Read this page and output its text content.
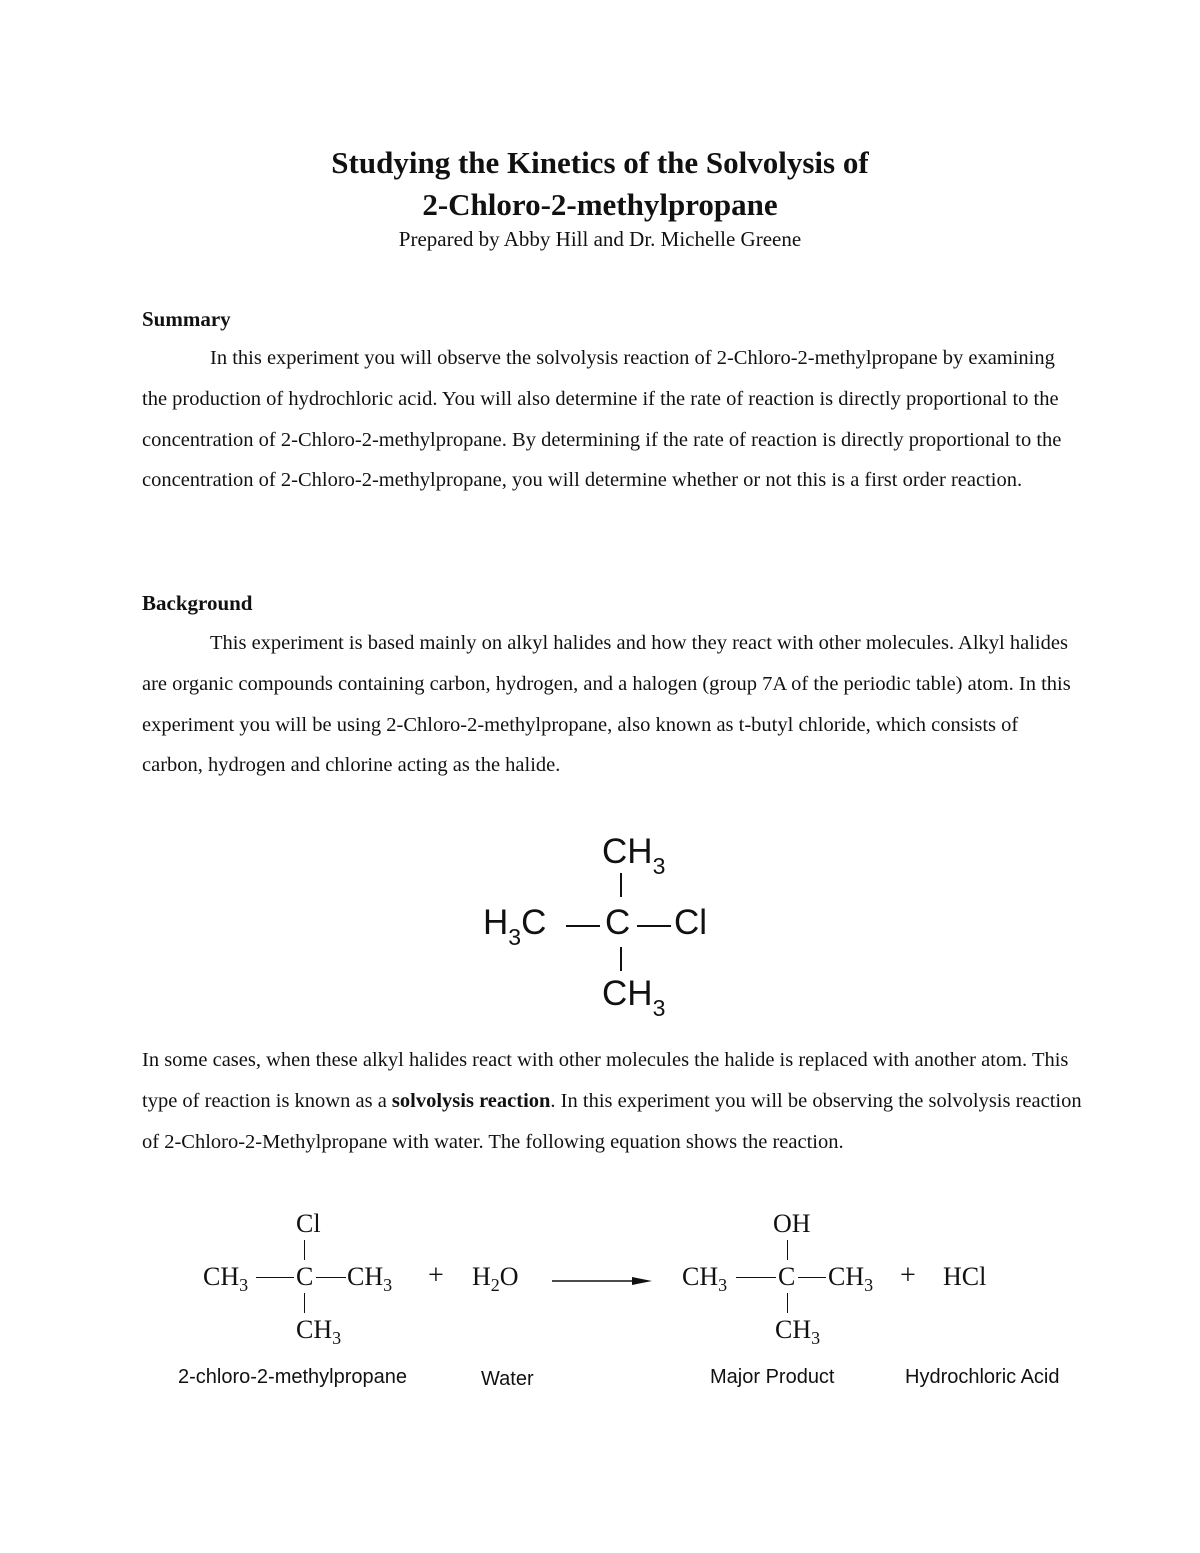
Studying the Kinetics of the Solvolysis of
2-Chloro-2-methylpropane
Prepared by Abby Hill and Dr. Michelle Greene
Summary
In this experiment you will observe the solvolysis reaction of 2-Chloro-2-methylpropane by examining the production of hydrochloric acid. You will also determine if the rate of reaction is directly proportional to the concentration of 2-Chloro-2-methylpropane. By determining if the rate of reaction is directly proportional to the concentration of 2-Chloro-2-methylpropane, you will determine whether or not this is a first order reaction.
Background
This experiment is based mainly on alkyl halides and how they react with other molecules. Alkyl halides are organic compounds containing carbon, hydrogen, and a halogen (group 7A of the periodic table) atom. In this experiment you will be using 2-Chloro-2-methylpropane, also known as t-butyl chloride, which consists of carbon, hydrogen and chlorine acting as the halide.
$CH_3$
$H_3C$ C Cl
$CH_3$
In some cases, when these alkyl halides react with other molecules the halide is replaced with another atom. This type of reaction is known as a solvolysis reaction. In this experiment you will be observing the solvolysis reaction of 2-Chloro-2-Methylpropane with water. The following equation shows the reaction.
Cl
$CH_3$ C $CH_3$
$CH_3$
+ $H_2O$
OH
$CH_3$ C $CH_3$
$CH_3$
+ HCl
2-chloro-2-methylpropane	Water	Major Product	Hydrochloric Acid
